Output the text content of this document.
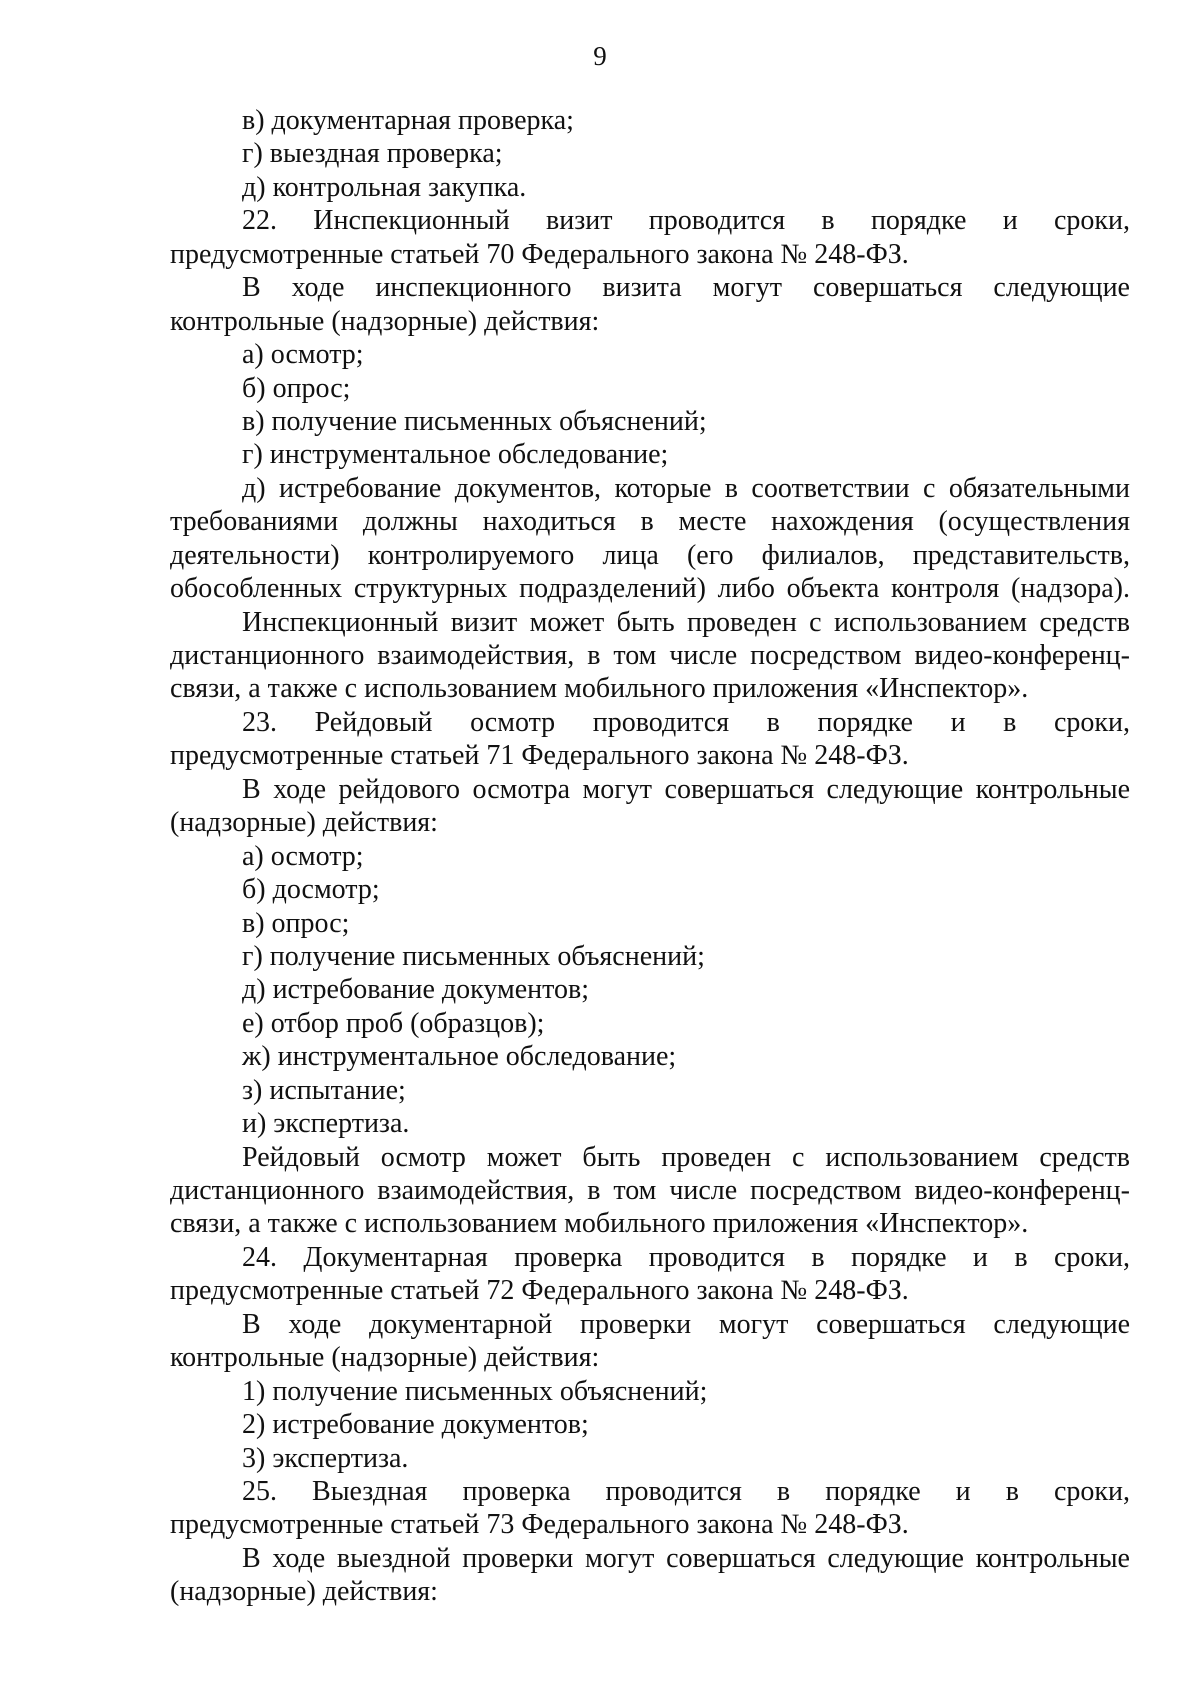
9
в) документарная проверка;
г) выездная проверка;
д) контрольная закупка.
22. Инспекционный визит проводится в порядке и сроки,
предусмотренные статьей 70 Федерального закона № 248-ФЗ.
В ходе инспекционного визита могут совершаться следующие
контрольные (надзорные) действия:
а) осмотр;
б) опрос;
в) получение письменных объяснений;
г) инструментальное обследование;
д) истребование документов, которые в соответствии с обязательными
требованиями должны находиться в месте нахождения (осуществления
деятельности) контролируемого лица (его филиалов, представительств,
обособленных структурных подразделений) либо объекта контроля (надзора).
Инспекционный визит может быть проведен с использованием средств
дистанционного взаимодействия, в том числе посредством видео-конференц-
связи, а также с использованием мобильного приложения «Инспектор».
23. Рейдовый осмотр проводится в порядке и в сроки,
предусмотренные статьей 71 Федерального закона № 248-ФЗ.
В ходе рейдового осмотра могут совершаться следующие контрольные
(надзорные) действия:
а) осмотр;
б) досмотр;
в) опрос;
г) получение письменных объяснений;
д) истребование документов;
е) отбор проб (образцов);
ж) инструментальное обследование;
з) испытание;
и) экспертиза.
Рейдовый осмотр может быть проведен с использованием средств
дистанционного взаимодействия, в том числе посредством видео-конференц-
связи, а также с использованием мобильного приложения «Инспектор».
24. Документарная проверка проводится в порядке и в сроки,
предусмотренные статьей 72 Федерального закона № 248-ФЗ.
В ходе документарной проверки могут совершаться следующие
контрольные (надзорные) действия:
1) получение письменных объяснений;
2) истребование документов;
3) экспертиза.
25. Выездная проверка проводится в порядке и в сроки,
предусмотренные статьей 73 Федерального закона № 248-ФЗ.
В ходе выездной проверки могут совершаться следующие контрольные
(надзорные) действия:
